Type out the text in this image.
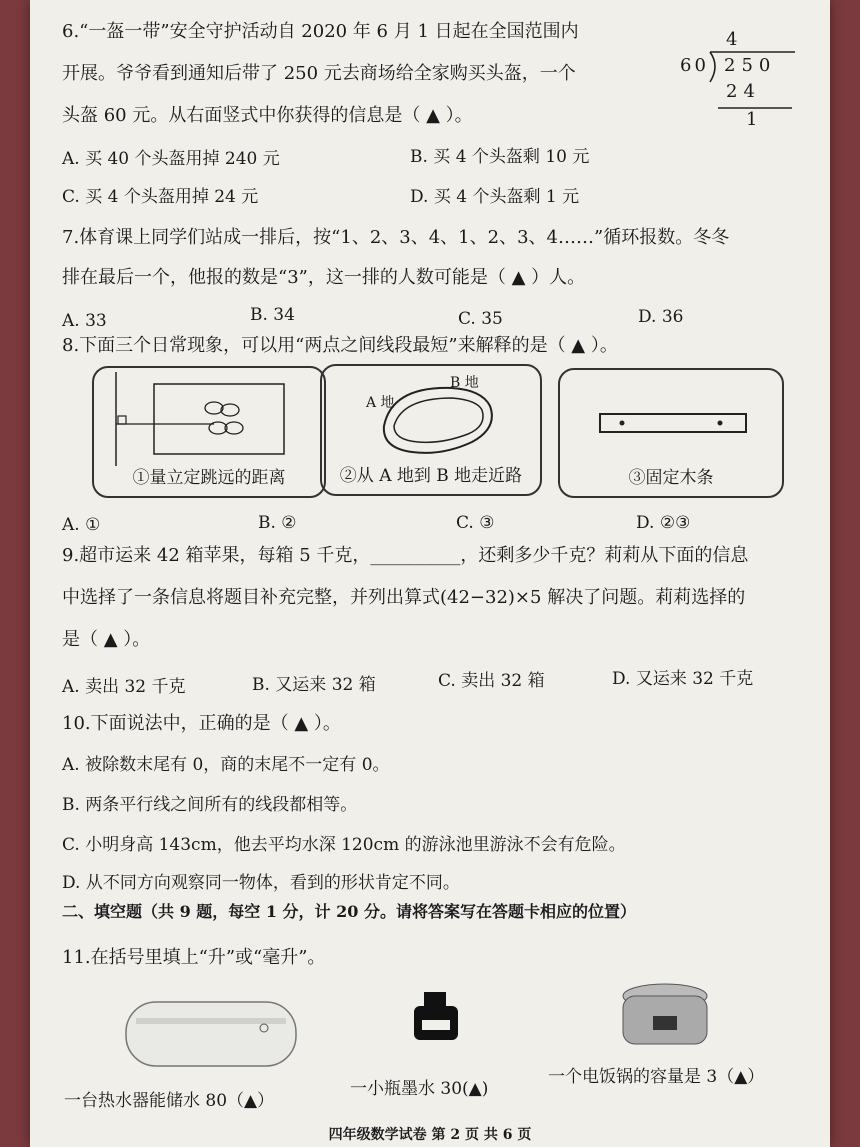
6.“一盔一带”安全守护活动自 2020 年 6 月 1 日起在全国范围内
开展。爷爷看到通知后带了 250 元去商场给全家购买头盔，一个
头盔 60 元。从右面竖式中你获得的信息是（ ▲ ）。
4
60 250
24
1
A. 买 40 个头盔用掉 240 元	B. 买 4 个头盔剩 10 元
C. 买 4 个头盔用掉 24 元	D. 买 4 个头盔剩 1 元
7.体育课上同学们站成一排后，按“1、2、3、4、1、2、3、4……”循环报数。冬冬
排在最后一个，他报的数是“3”，这一排的人数可能是（ ▲ ）人。
A. 33	B. 34	C. 35	D. 36
8.下面三个日常现象，可以用“两点之间线段最短”来解释的是（ ▲ ）。
①量立定跳远的距离
A 地
B 地
②从 A 地到 B 地走近路	③固定木条
A. ①	B. ②	C. ③	D. ②③
9.超市运来 42 箱苹果，每箱 5 千克，__________，还剩多少千克？莉莉从下面的信息
中选择了一条信息将题目补充完整，并列出算式(42−32)×5 解决了问题。莉莉选择的
是（ ▲ ）。
A. 卖出 32 千克	B. 又运来 32 箱	C. 卖出 32 箱	D. 又运来 32 千克
10.下面说法中，正确的是（ ▲ ）。
A. 被除数末尾有 0，商的末尾不一定有 0。
B. 两条平行线之间所有的线段都相等。
C. 小明身高 143cm，他去平均水深 120cm 的游泳池里游泳不会有危险。
D. 从不同方向观察同一物体，看到的形状肯定不同。
二、填空题（共 9 题，每空 1 分，计 20 分。请将答案写在答题卡相应的位置）
11.在括号里填上“升”或“毫升”。
一台热水器能储水 80（▲）
一小瓶墨水 30(▲)
一个电饭锅的容量是 3（▲）
四年级数学试卷 第 2 页 共 6 页
